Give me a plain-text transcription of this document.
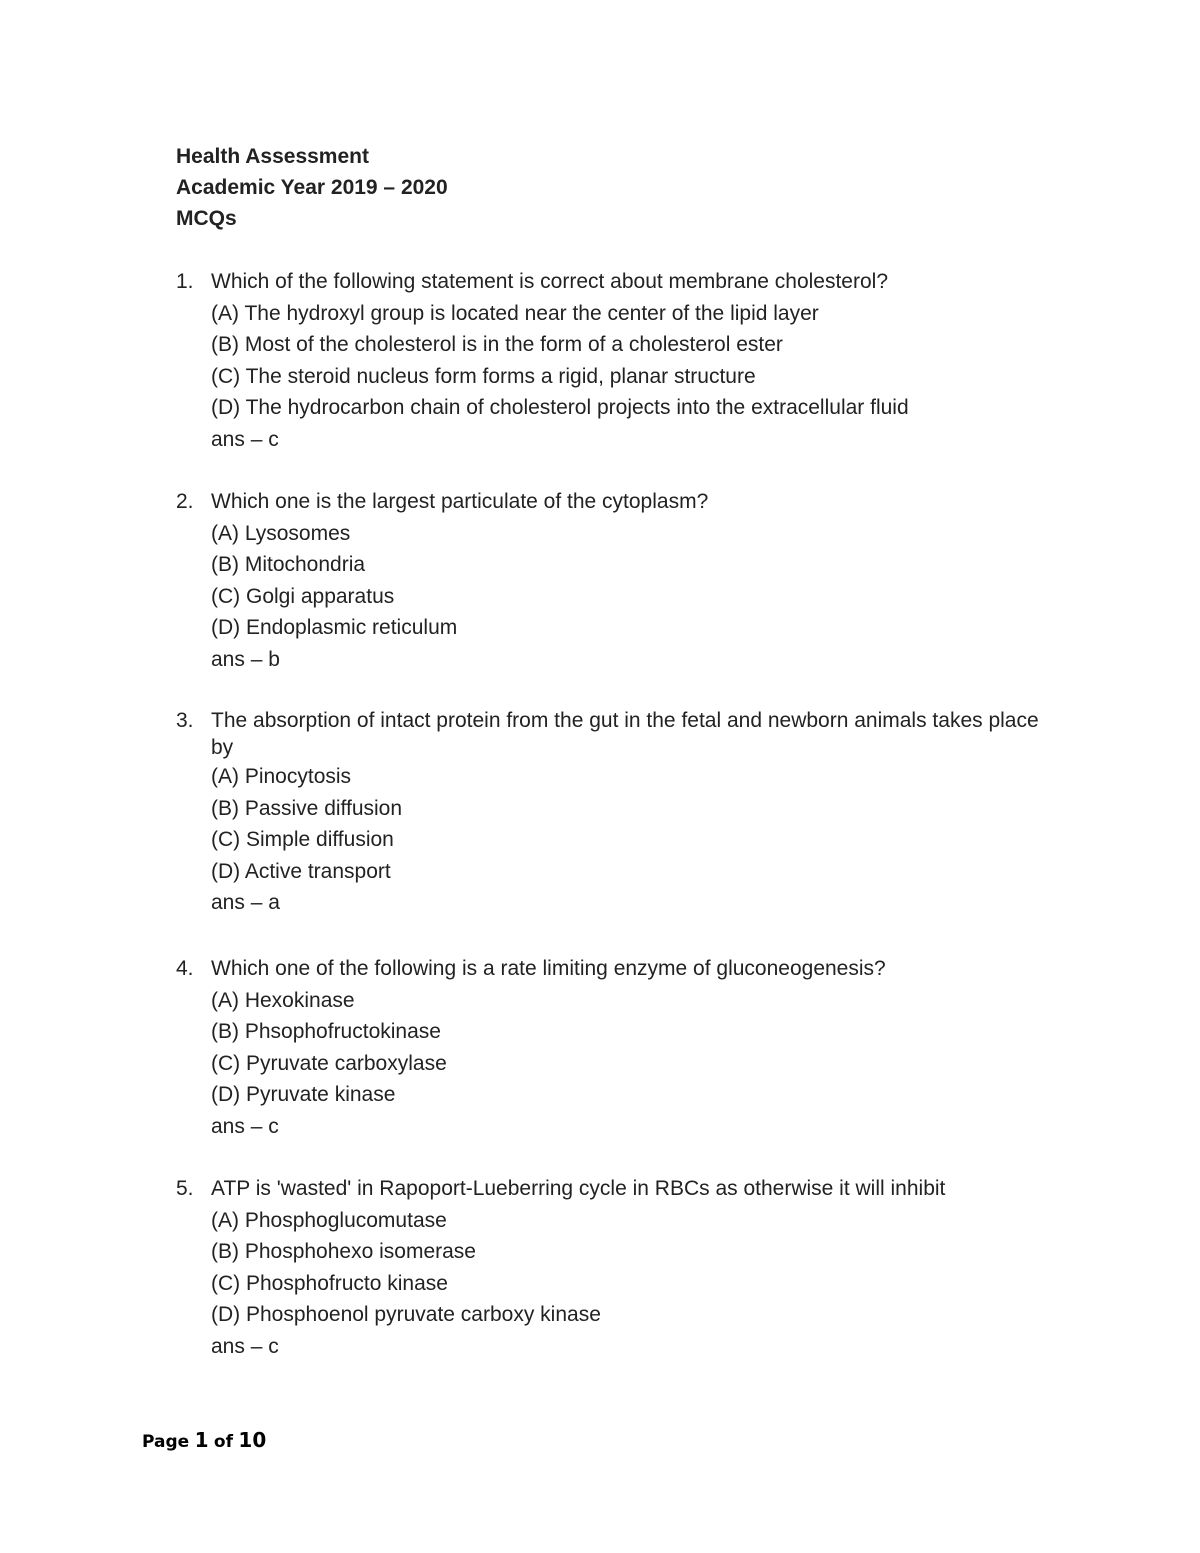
Health Assessment
Academic Year 2019 – 2020
MCQs
1. Which of the following statement is correct about membrane cholesterol?
(A) The hydroxyl group is located near the center of the lipid layer
(B) Most of the cholesterol is in the form of a cholesterol ester
(C) The steroid nucleus form forms a rigid, planar structure
(D) The hydrocarbon chain of cholesterol projects into the extracellular fluid
ans – c
2. Which one is the largest particulate of the cytoplasm?
(A) Lysosomes
(B) Mitochondria
(C) Golgi apparatus
(D) Endoplasmic reticulum
ans – b
3. The absorption of intact protein from the gut in the fetal and newborn animals takes place by
(A) Pinocytosis
(B) Passive diffusion
(C) Simple diffusion
(D) Active transport
ans – a
4. Which one of the following is a rate limiting enzyme of gluconeogenesis?
(A) Hexokinase
(B) Phsophofructokinase
(C) Pyruvate carboxylase
(D) Pyruvate kinase
ans – c
5. ATP is 'wasted' in Rapoport-Lueberring cycle in RBCs as otherwise it will inhibit
(A) Phosphoglucomutase
(B) Phosphohexo isomerase
(C) Phosphofructo kinase
(D) Phosphoenol pyruvate carboxy kinase
ans – c
Page 1 of 10
